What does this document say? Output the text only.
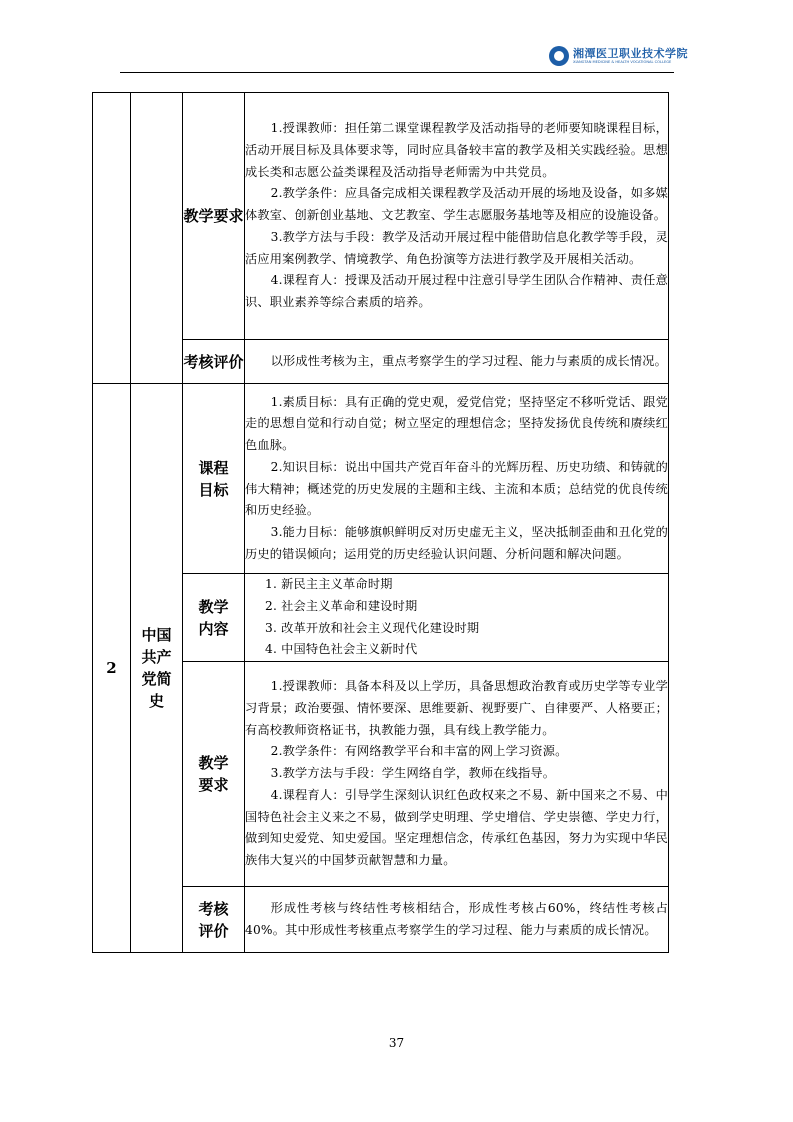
湘潭医卫职业技术学院
XIANGTAN MEDICINE & HEALTH VOCATIONAL COLLEGE
		教学要求	1.授课教师：担任第二课堂课程教学及活动指导的老师要知晓课程目标，活动开展目标及具体要求等，同时应具备较丰富的教学及相关实践经验。思想成长类和志愿公益类课程及活动指导老师需为中共党员。

2.教学条件：应具备完成相关课程教学及活动开展的场地及设备，如多媒体教室、创新创业基地、文艺教室、学生志愿服务基地等及相应的设施设备。

3.教学方法与手段：教学及活动开展过程中能借助信息化教学等手段，灵活应用案例教学、情境教学、角色扮演等方法进行教学及开展相关活动。

4.课程育人：授课及活动开展过程中注意引导学生团队合作精神、责任意识、职业素养等综合素质的培养。

		考核评价	以形成性考核为主，重点考察学生的学习过程、能力与素质的成长情况。

2	中国共产党简史	课程目标	1.素质目标：具有正确的党史观，爱党信党；坚持坚定不移听党话、跟党走的思想自觉和行动自觉；树立坚定的理想信念；坚持发扬优良传统和赓续红色血脉。

2.知识目标：说出中国共产党百年奋斗的光辉历程、历史功绩、和铸就的伟大精神；概述党的历史发展的主题和主线、主流和本质；总结党的优良传统和历史经验。

3.能力目标：能够旗帜鲜明反对历史虚无主义，坚决抵制歪曲和丑化党的历史的错误倾向；运用党的历史经验认识问题、分析问题和解决问题。

		教学内容	1. 新民主主义革命时期

2. 社会主义革命和建设时期

3. 改革开放和社会主义现代化建设时期

4. 中国特色社会主义新时代

		教学要求	1.授课教师：具备本科及以上学历，具备思想政治教育或历史学等专业学习背景；政治要强、情怀要深、思维要新、视野要广、自律要严、人格要正；有高校教师资格证书，执教能力强，具有线上教学能力。

2.教学条件：有网络教学平台和丰富的网上学习资源。

3.教学方法与手段：学生网络自学，教师在线指导。

4.课程育人：引导学生深刻认识红色政权来之不易、新中国来之不易、中国特色社会主义来之不易，做到学史明理、学史增信、学史崇德、学史力行，做到知史爱党、知史爱国。坚定理想信念，传承红色基因，努力为实现中华民族伟大复兴的中国梦贡献智慧和力量。

		考核评价	形成性考核与终结性考核相结合，形成性考核占60%，终结性考核占40%。其中形成性考核重点考察学生的学习过程、能力与素质的成长情况。

37
